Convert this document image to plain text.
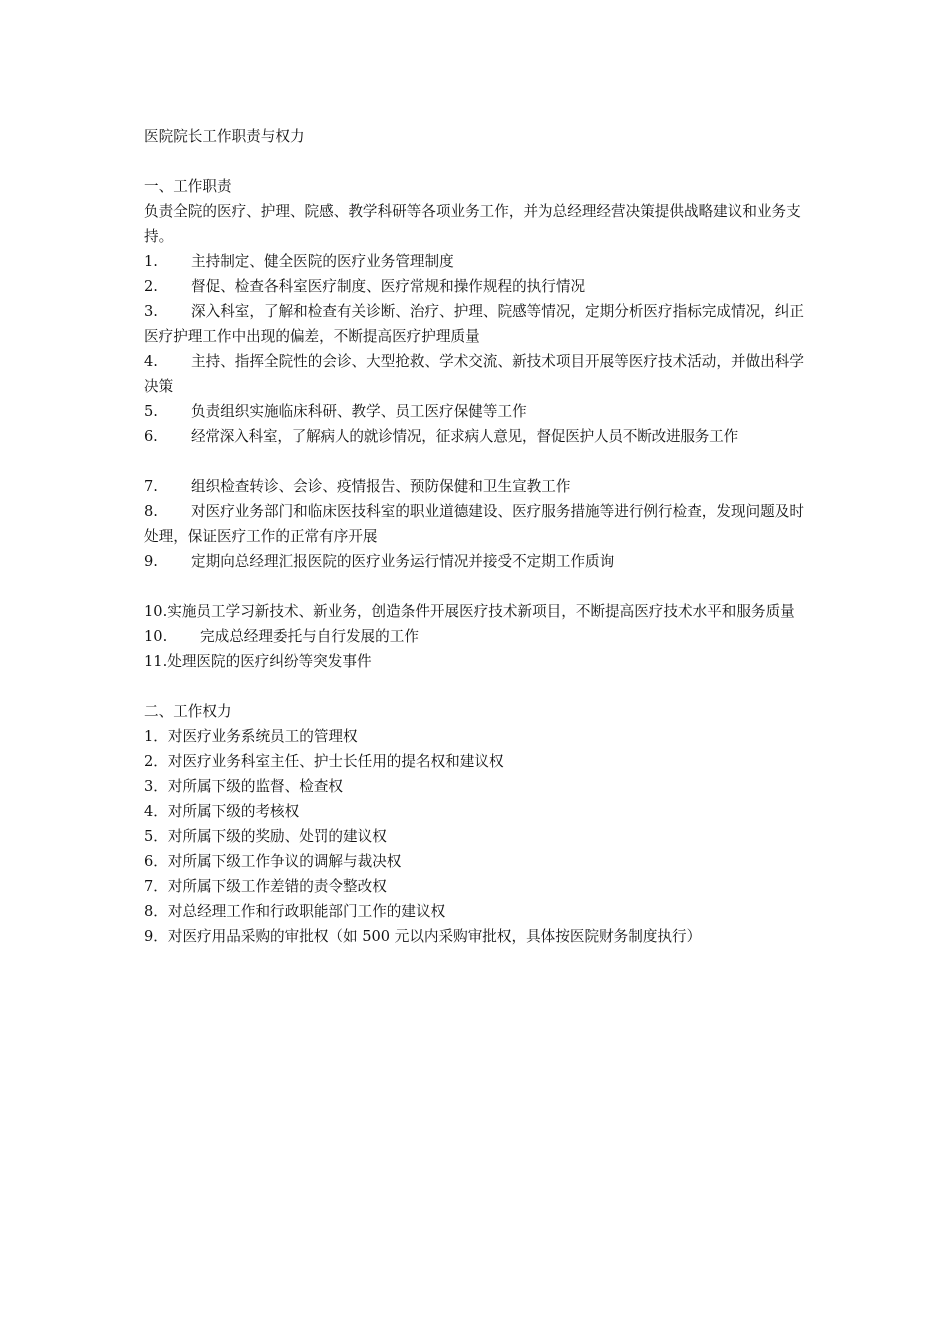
医院院长工作职责与权力
一、工作职责
负责全院的医疗、护理、院感、教学科研等各项业务工作，并为总经理经营决策提供战略建议和业务支持。
1. 主持制定、健全医院的医疗业务管理制度
2. 督促、检查各科室医疗制度、医疗常规和操作规程的执行情况
3. 深入科室，了解和检查有关诊断、治疗、护理、院感等情况，定期分析医疗指标完成情况，纠正医疗护理工作中出现的偏差，不断提高医疗护理质量
4. 主持、指挥全院性的会诊、大型抢救、学术交流、新技术项目开展等医疗技术活动，并做出科学决策
5. 负责组织实施临床科研、教学、员工医疗保健等工作
6. 经常深入科室，了解病人的就诊情况，征求病人意见，督促医护人员不断改进服务工作
7. 组织检查转诊、会诊、疫情报告、预防保健和卫生宣教工作
8. 对医疗业务部门和临床医技科室的职业道德建设、医疗服务措施等进行例行检查，发现问题及时处理，保证医疗工作的正常有序开展
9. 定期向总经理汇报医院的医疗业务运行情况并接受不定期工作质询
10.实施员工学习新技术、新业务，创造条件开展医疗技术新项目，不断提高医疗技术水平和服务质量
10. 完成总经理委托与自行发展的工作
11.处理医院的医疗纠纷等突发事件
二、工作权力
1．对医疗业务系统员工的管理权
2．对医疗业务科室主任、护士长任用的提名权和建议权
3．对所属下级的监督、检查权
4．对所属下级的考核权
5．对所属下级的奖励、处罚的建议权
6．对所属下级工作争议的调解与裁决权
7．对所属下级工作差错的责令整改权
8．对总经理工作和行政职能部门工作的建议权
9．对医疗用品采购的审批权（如 500 元以内采购审批权，具体按医院财务制度执行）
